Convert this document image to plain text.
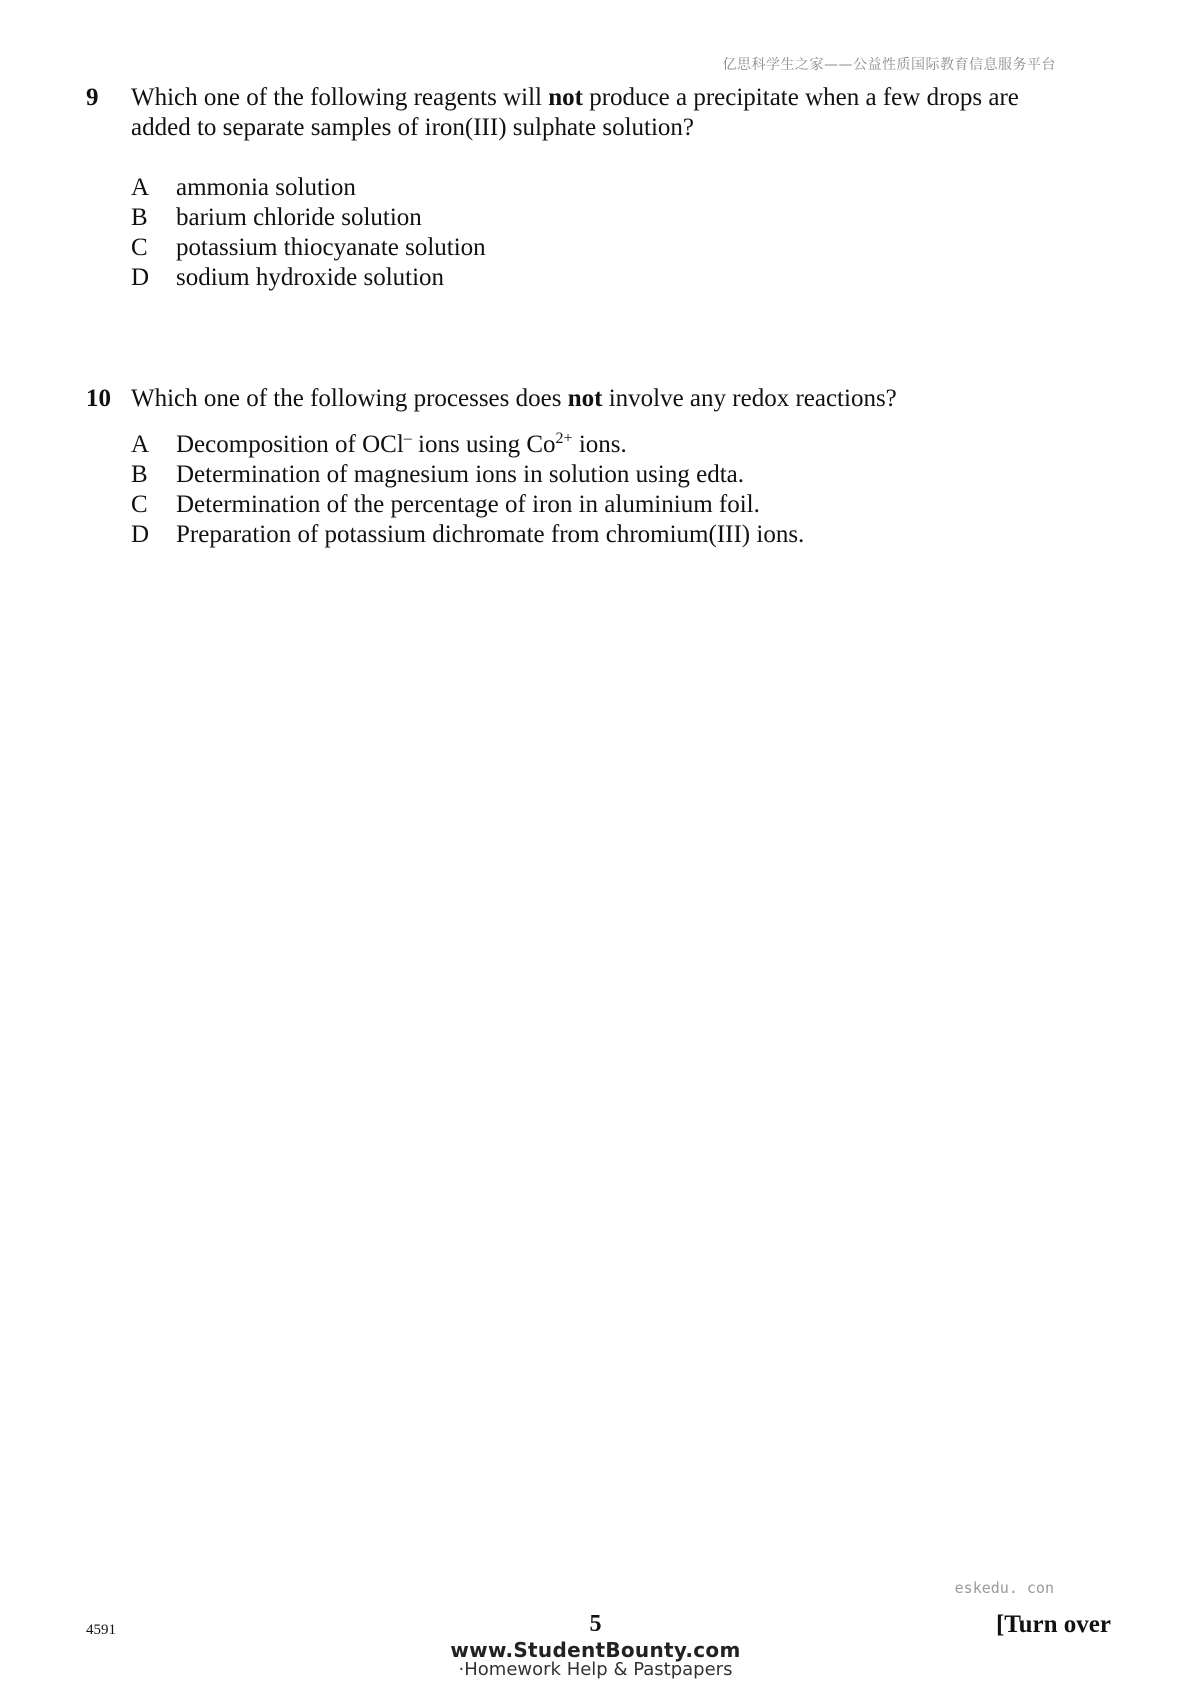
亿思科学生之家——公益性质国际教育信息服务平台
9 Which one of the following reagents will not produce a precipitate when a few drops are added to separate samples of iron(III) sulphate solution?
A	ammonia solution
B	barium chloride solution
C	potassium thiocyanate solution
D	sodium hydroxide solution
10 Which one of the following processes does not involve any redox reactions?
A	Decomposition of OCl– ions using $Co^{2+}$ ions.
B	Determination of magnesium ions in solution using edta.
C	Determination of the percentage of iron in aluminium foil.
D	Preparation of potassium dichromate from chromium(III) ions.
eskedu. con
4591	5	[Turn over
www.StudentBounty.com
·Homework Help & Pastpapers
